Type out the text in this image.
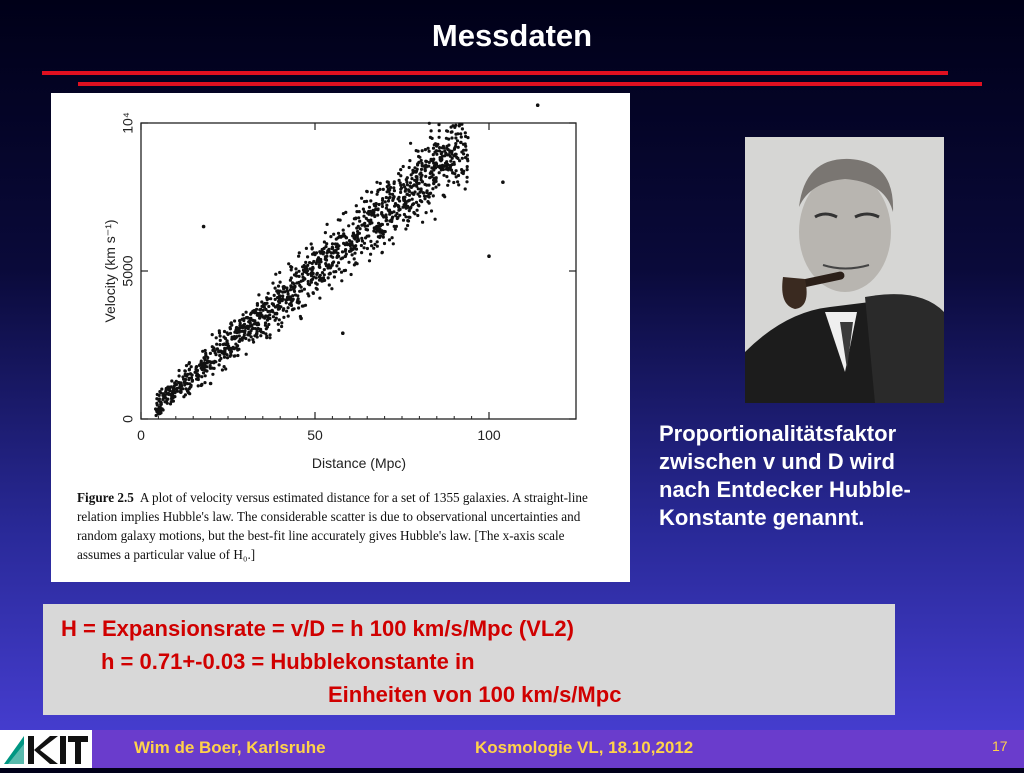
Messdaten
0	50	100
0
5000
10⁴
Distance (Mpc)
Velocity (km s⁻¹)
Figure 2.5 A plot of velocity versus estimated distance for a set of 1355 galaxies. A straight-line relation implies Hubble's law. The considerable scatter is due to observational uncertainties and random galaxy motions, but the best-fit line accurately gives Hubble's law. [The x-axis scale assumes a particular value of H₀.]
Proportionalitätsfaktor
zwischen v und D wird
nach Entdecker Hubble-
Konstante genannt.
H = Expansionsrate = v/D = h 100 km/s/Mpc (VL2)
h = 0.71+-0.03 = Hubblekonstante in
Einheiten von 100 km/s/Mpc
Wim de Boer, Karlsruhe	Kosmologie VL, 18.10,2012	17
